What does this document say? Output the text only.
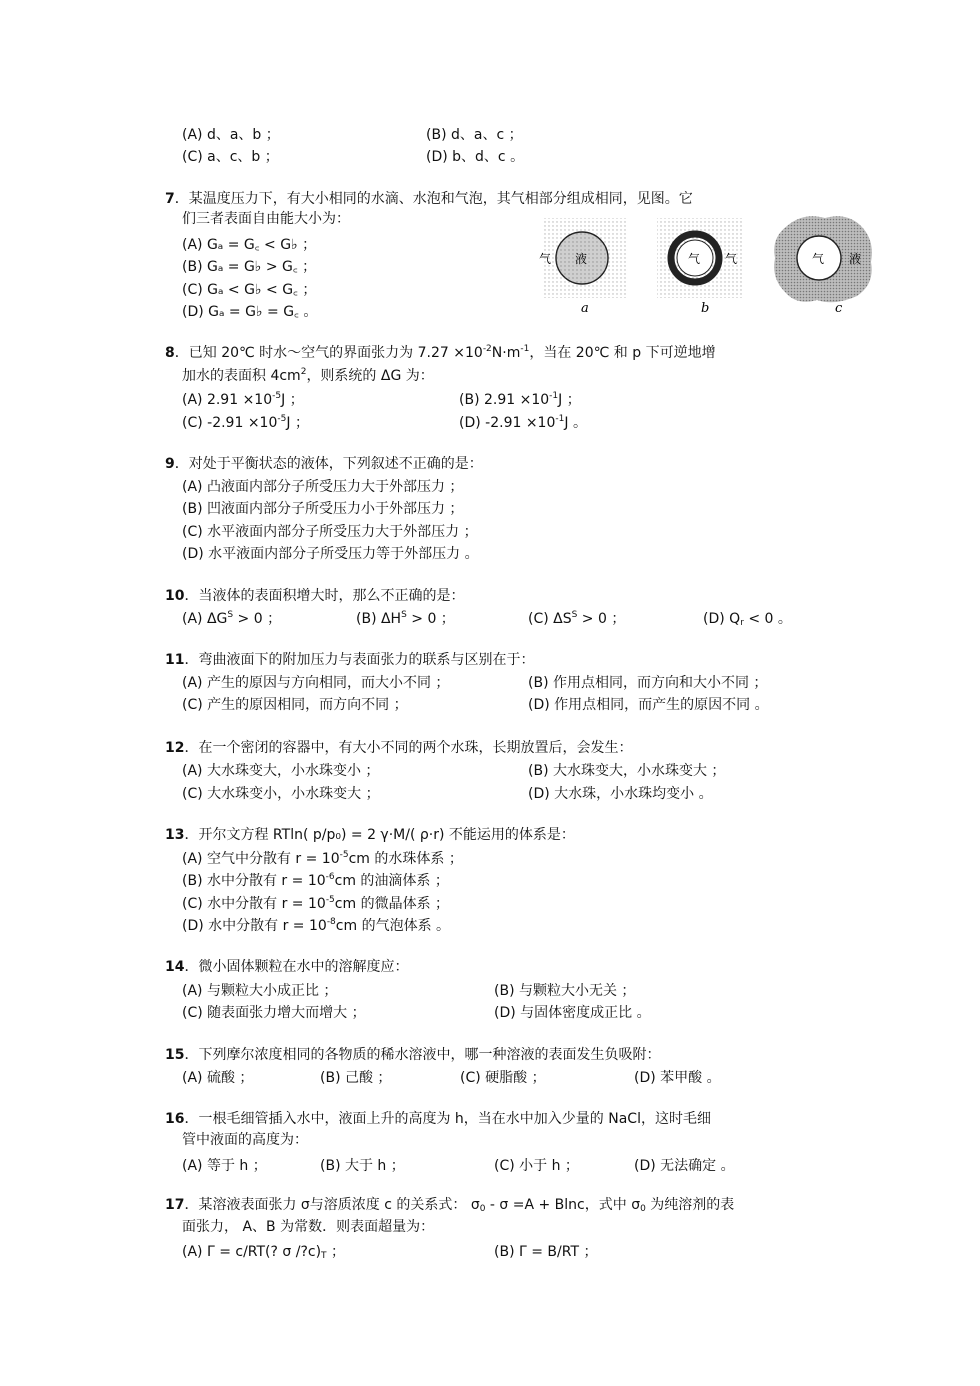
(A) d、a、b ；	(B) d、a、c ；
(C) a、c、b ；	(D) b、d、c 。
7．某温度压力下，有大小相同的水滴、水泡和气泡，其气相部分组成相同，见图。它
们三者表面自由能大小为：
(A) Gₐ = G꜀ < G♭ ；
(B) Gₐ = G♭ > G꜀ ；
(C) Gₐ < G♭ < G꜀ ；
(D) Gₐ = G♭ = G꜀ 。
气 液
a
气 气
b
气 液
c
8．已知 20℃ 时水～空气的界面张力为 $7.27 \times 10^{-2}N\cdot m^{-1}$，当在 20℃ 和 p 下可逆地增
加水的表面积 $4cm^2$，则系统的 ΔG 为：
(A) $2.91 \times 10^{-5}J$ ；	(B) $2.91 \times 10^{-1}J$ ；
(C) $-2.91 \times 10^{-5}J$ ；	(D) $-2.91 \times 10^{-1}J$ 。
9．对处于平衡状态的液体，下列叙述不正确的是：
(A) 凸液面内部分子所受压力大于外部压力 ；
(B) 凹液面内部分子所受压力小于外部压力 ；
(C) 水平液面内部分子所受压力大于外部压力 ；
(D) 水平液面内部分子所受压力等于外部压力 。
10．当液体的表面积增大时，那么不正确的是：
(A) $\Delta G^S > 0$ ；	(B) $\Delta H^S > 0$ ；	(C) $\Delta S^S > 0$ ；	(D) $Q_r < 0$ 。
11．弯曲液面下的附加压力与表面张力的联系与区别在于：
(A) 产生的原因与方向相同，而大小不同 ；	(B) 作用点相同，而方向和大小不同 ；
(C) 产生的原因相同，而方向不同 ；	(D) 作用点相同，而产生的原因不同 。
12．在一个密闭的容器中，有大小不同的两个水珠，长期放置后，会发生：
(A) 大水珠变大，小水珠变小 ；	(B) 大水珠变大，小水珠变大 ；
(C) 大水珠变小，小水珠变大 ；	(D) 大水珠，小水珠均变小 。
13．开尔文方程 RTln( p/p₀) = 2 γ·M/( ρ·r) 不能运用的体系是：
(A) 空气中分散有 $r = 10^{-5}cm$ 的水珠体系 ；
(B) 水中分散有 $r = 10^{-6}cm$ 的油滴体系 ；
(C) 水中分散有 $r = 10^{-5}cm$ 的微晶体系 ；
(D) 水中分散有 $r = 10^{-8}cm$ 的气泡体系 。
14．微小固体颗粒在水中的溶解度应：
(A) 与颗粒大小成正比 ；	(B) 与颗粒大小无关 ；
(C) 随表面张力增大而增大 ；	(D) 与固体密度成正比 。
15．下列摩尔浓度相同的各物质的稀水溶液中，哪一种溶液的表面发生负吸附：
(A) 硫酸 ；	(B) 己酸 ；	(C) 硬脂酸 ；	(D) 苯甲酸 。
16．一根毛细管插入水中，液面上升的高度为 h，当在水中加入少量的 NaCl，这时毛细
管中液面的高度为：
(A) 等于 h ；	(B) 大于 h ；	(C) 小于 h ；	(D) 无法确定 。
17．某溶液表面张力 σ与溶质浓度 c 的关系式： $\sigma_0 - \sigma =A + Blnc$，式中 $\sigma_0$ 为纯溶剂的表
面张力， A、B 为常数．则表面超量为：
(A) Γ = c/RT(? σ $/?c)_T$ ；	(B) Γ = B/RT ；
